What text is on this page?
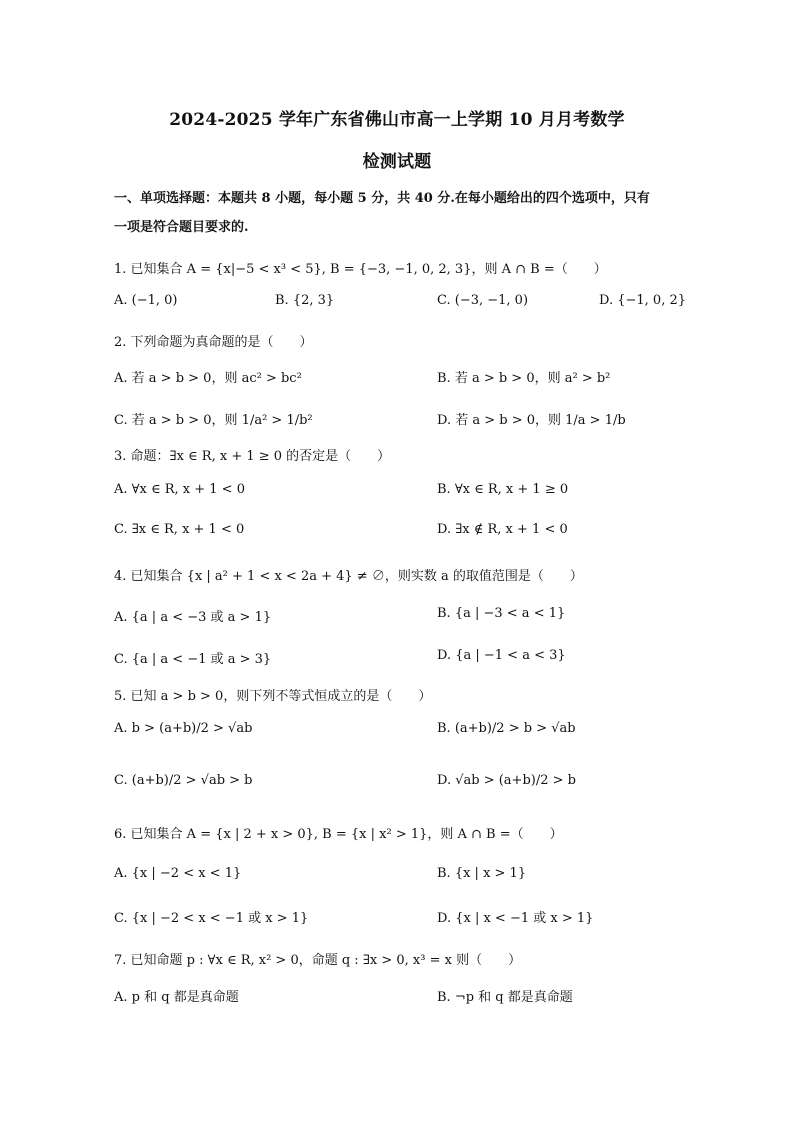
2024-2025 学年广东省佛山市高一上学期 10 月月考数学
检测试题
一、单项选择题：本题共 8 小题，每小题 5 分，共 40 分.在每小题给出的四个选项中，只有
一项是符合题目要求的.
1. 已知集合 A = {x|−5 < x³ < 5}, B = {−3, −1, 0, 2, 3}，则 A ∩ B =（　　）
A. (−1, 0)	B. {2, 3}	C. (−3, −1, 0)	D. {−1, 0, 2}
2. 下列命题为真命题的是（　　）
A. 若 a > b > 0，则 ac² > bc²	B. 若 a > b > 0，则 a² > b²
C. 若 a > b > 0，则 1/a² > 1/b²	D. 若 a > b > 0，则 1/a > 1/b
3. 命题：∃x ∈ R, x + 1 ≥ 0 的否定是（　　）
A. ∀x ∈ R, x + 1 < 0	B. ∀x ∈ R, x + 1 ≥ 0
C. ∃x ∈ R, x + 1 < 0	D. ∃x ∉ R, x + 1 < 0
4. 已知集合 {x | a² + 1 < x < 2a + 4} ≠ ∅，则实数 a 的取值范围是（　　）
A. {a | a < −3 或 a > 1}	B. {a | −3 < a < 1}
C. {a | a < −1 或 a > 3}	D. {a | −1 < a < 3}
5. 已知 a > b > 0，则下列不等式恒成立的是（　　）
A. b > (a+b)/2 > √ab	B. (a+b)/2 > b > √ab
C. (a+b)/2 > √ab > b	D. √ab > (a+b)/2 > b
6. 已知集合 A = {x | 2 + x > 0}, B = {x | x² > 1}，则 A ∩ B =（　　）
A. {x | −2 < x < 1}	B. {x | x > 1}
C. {x | −2 < x < −1 或 x > 1}	D. {x | x < −1 或 x > 1}
7. 已知命题 p : ∀x ∈ R, x² > 0，命题 q : ∃x > 0, x³ = x 则（　　）
A. p 和 q 都是真命题	B. ¬p 和 q 都是真命题
